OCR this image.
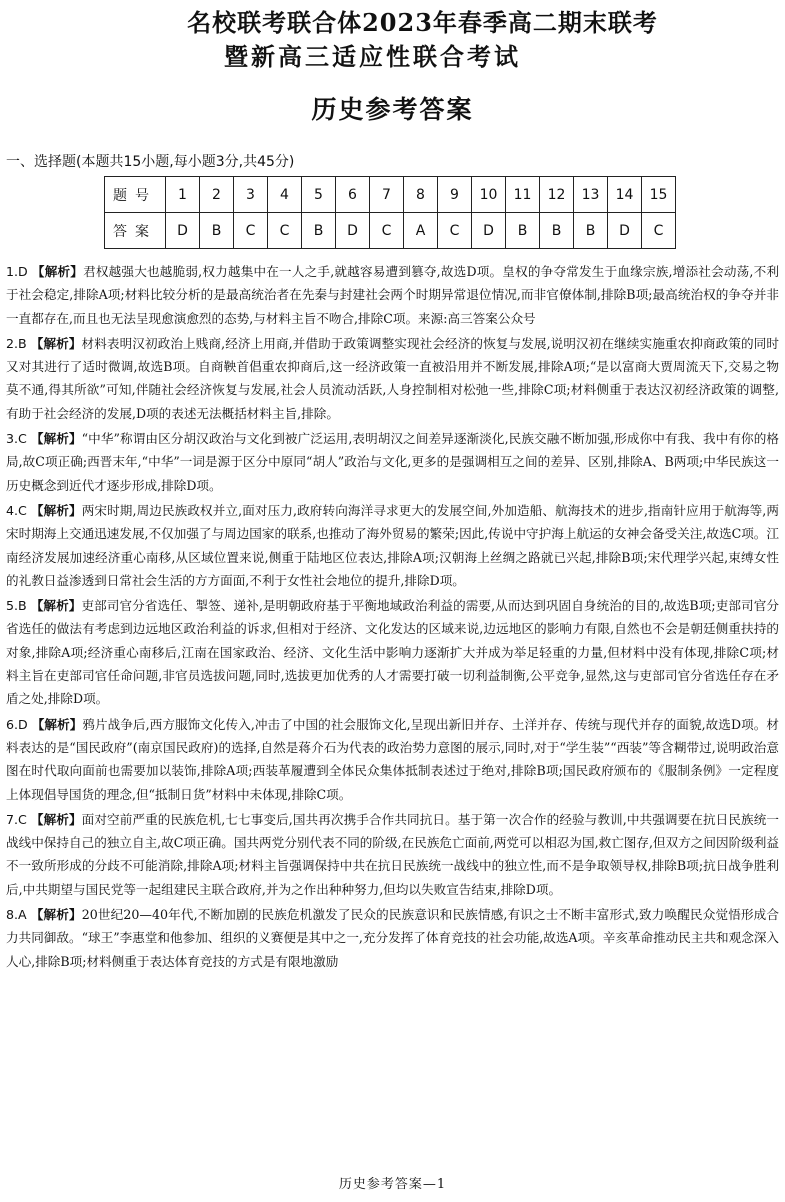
名校联考联合体2023年春季高二期末联考
暨新高三适应性联合考试
历史参考答案
一、选择题(本题共15小题,每小题3分,共45分)
题号	1	2	3	4	5	6	7	8	9	10	11	12	13	14	15
答案	D	B	C	C	B	D	C	A	C	D	B	B	B	D	C
1.D 【解析】君权越强大也越脆弱,权力越集中在一人之手,就越容易遭到篡夺,故选D项。皇权的争夺常发生于血缘宗族,增添社会动荡,不利于社会稳定,排除A项;材料比较分析的是最高统治者在先秦与封建社会两个时期异常退位情况,而非官僚体制,排除B项;最高统治权的争夺并非一直都存在,而且也无法呈现愈演愈烈的态势,与材料主旨不吻合,排除C项。来源:高三答案公众号
2.B 【解析】材料表明汉初政治上贱商,经济上用商,并借助于政策调整实现社会经济的恢复与发展,说明汉初在继续实施重农抑商政策的同时又对其进行了适时微调,故选B项。自商鞅首倡重农抑商后,这一经济政策一直被沿用并不断发展,排除A项;“是以富商大贾周流天下,交易之物莫不通,得其所欲”可知,伴随社会经济恢复与发展,社会人员流动活跃,人身控制相对松弛一些,排除C项;材料侧重于表达汉初经济政策的调整,有助于社会经济的发展,D项的表述无法概括材料主旨,排除。
3.C 【解析】“中华”称谓由区分胡汉政治与文化到被广泛运用,表明胡汉之间差异逐渐淡化,民族交融不断加强,形成你中有我、我中有你的格局,故C项正确;西晋末年,“中华”一词是源于区分中原同“胡人”政治与文化,更多的是强调相互之间的差异、区别,排除A、B两项;中华民族这一历史概念到近代才逐步形成,排除D项。
4.C 【解析】两宋时期,周边民族政权并立,面对压力,政府转向海洋寻求更大的发展空间,外加造船、航海技术的进步,指南针应用于航海等,两宋时期海上交通迅速发展,不仅加强了与周边国家的联系,也推动了海外贸易的繁荣;因此,传说中守护海上航运的女神会备受关注,故选C项。江南经济发展加速经济重心南移,从区域位置来说,侧重于陆地区位表达,排除A项;汉朝海上丝绸之路就已兴起,排除B项;宋代理学兴起,束缚女性的礼教日益渗透到日常社会生活的方方面面,不利于女性社会地位的提升,排除D项。
5.B 【解析】吏部司官分省选任、掣签、递补,是明朝政府基于平衡地域政治利益的需要,从而达到巩固自身统治的目的,故选B项;吏部司官分省选任的做法有考虑到边远地区政治利益的诉求,但相对于经济、文化发达的区域来说,边远地区的影响力有限,自然也不会是朝廷侧重扶持的对象,排除A项;经济重心南移后,江南在国家政治、经济、文化生活中影响力逐渐扩大并成为举足轻重的力量,但材料中没有体现,排除C项;材料主旨在吏部司官任命问题,非官员选拔问题,同时,选拔更加优秀的人才需要打破一切利益制衡,公平竞争,显然,这与吏部司官分省选任存在矛盾之处,排除D项。
6.D 【解析】鸦片战争后,西方服饰文化传入,冲击了中国的社会服饰文化,呈现出新旧并存、土洋并存、传统与现代并存的面貌,故选D项。材料表达的是“国民政府”(南京国民政府)的选择,自然是蒋介石为代表的政治势力意图的展示,同时,对于“学生装”“西装”等含糊带过,说明政治意图在时代取向面前也需要加以装饰,排除A项;西装革履遭到全体民众集体抵制表述过于绝对,排除B项;国民政府颁布的《服制条例》一定程度上体现倡导国货的理念,但“抵制日货”材料中未体现,排除C项。
7.C 【解析】面对空前严重的民族危机,七七事变后,国共再次携手合作共同抗日。基于第一次合作的经验与教训,中共强调要在抗日民族统一战线中保持自己的独立自主,故C项正确。国共两党分别代表不同的阶级,在民族危亡面前,两党可以相忍为国,救亡图存,但双方之间因阶级利益不一致所形成的分歧不可能消除,排除A项;材料主旨强调保持中共在抗日民族统一战线中的独立性,而不是争取领导权,排除B项;抗日战争胜利后,中共期望与国民党等一起组建民主联合政府,并为之作出种种努力,但均以失败宣告结束,排除D项。
8.A 【解析】20世纪20—40年代,不断加剧的民族危机激发了民众的民族意识和民族情感,有识之士不断丰富形式,致力唤醒民众觉悟形成合力共同御敌。“球王”李惠堂和他参加、组织的义赛便是其中之一,充分发挥了体育竞技的社会功能,故选A项。辛亥革命推动民主共和观念深入人心,排除B项;材料侧重于表达体育竞技的方式是有限地激励
历史参考答案—1
